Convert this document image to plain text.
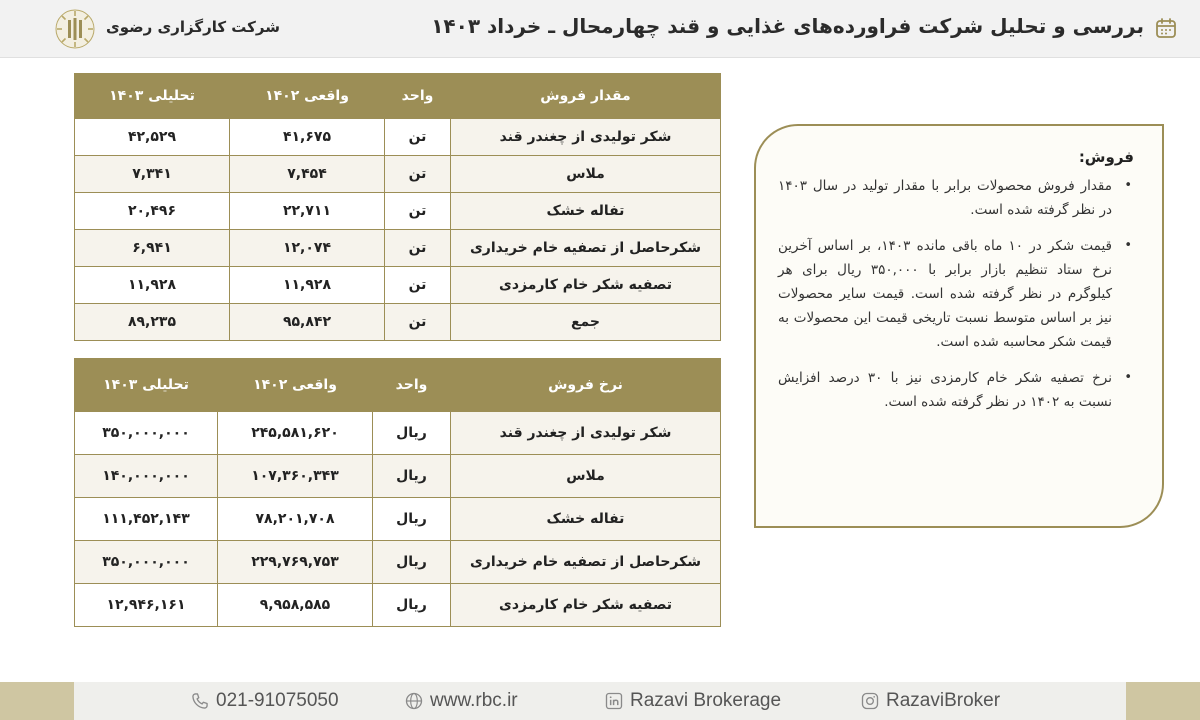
بررسی و تحلیل شرکت فراورده‌های غذایی و قند چهارمحال ـ خرداد ۱۴۰۳
شرکت کارگزاری رضوی
مقدار فروش	واحد	واقعی ۱۴۰۲	تحلیلی ۱۴۰۳
شکر تولیدی از چغندر قند	تن	۴۱,۶۷۵	۴۲,۵۲۹
ملاس	تن	۷,۴۵۴	۷,۳۴۱
تفاله خشک	تن	۲۲,۷۱۱	۲۰,۴۹۶
شکرحاصل از تصفیه خام خریداری	تن	۱۲,۰۷۴	۶,۹۴۱
تصفیه شکر خام کارمزدی	تن	۱۱,۹۲۸	۱۱,۹۲۸
جمع	تن	۹۵,۸۴۲	۸۹,۲۳۵
نرخ فروش	واحد	واقعی ۱۴۰۲	تحلیلی ۱۴۰۳
شکر تولیدی از چغندر قند	ریال	۲۴۵,۵۸۱,۶۲۰	۳۵۰,۰۰۰,۰۰۰
ملاس	ریال	۱۰۷,۳۶۰,۳۴۳	۱۴۰,۰۰۰,۰۰۰
تفاله خشک	ریال	۷۸,۲۰۱,۷۰۸	۱۱۱,۴۵۲,۱۴۳
شکرحاصل از تصفیه خام خریداری	ریال	۲۲۹,۷۶۹,۷۵۳	۳۵۰,۰۰۰,۰۰۰
تصفیه شکر خام کارمزدی	ریال	۹,۹۵۸,۵۸۵	۱۲,۹۴۶,۱۶۱
فروش:
•
مقدار فروش محصولات برابر با مقدار تولید در سال ۱۴۰۳ در نظر گرفته شده است.
•
قیمت شکر در ۱۰ ماه باقی مانده ۱۴۰۳، بر اساس آخرین نرخ ستاد تنظیم بازار برابر با ۳۵۰,۰۰۰ ریال برای هر کیلوگرم در نظر گرفته شده است. قیمت سایر محصولات نیز بر اساس متوسط نسبت تاریخی قیمت این محصولات به قیمت شکر محاسبه شده است.
•
نرخ تصفیه شکر خام کارمزدی نیز با ۳۰ درصد افزایش نسبت به ۱۴۰۲ در نظر گرفته شده است.
021-91075050	www.rbc.ir	Razavi Brokerage	RazaviBroker
